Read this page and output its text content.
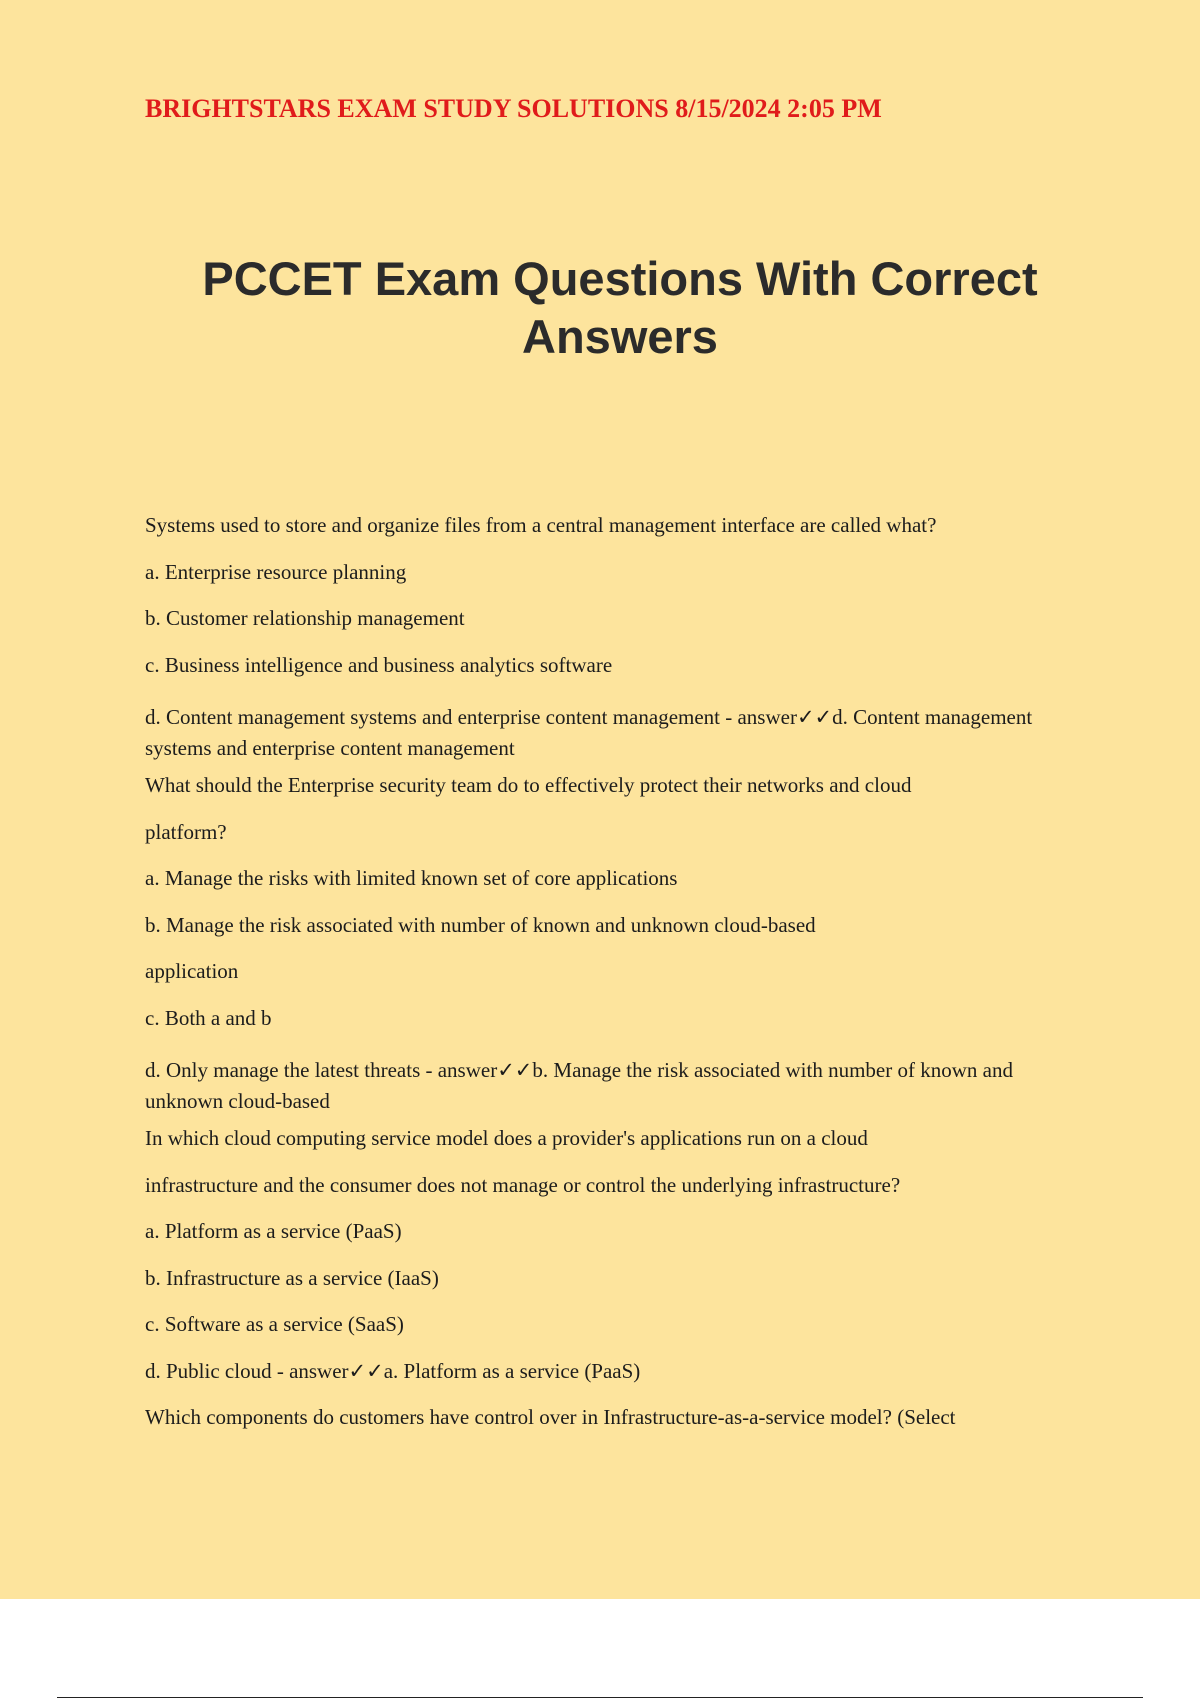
BRIGHTSTARS EXAM STUDY SOLUTIONS 8/15/2024 2:05 PM

PCCET Exam Questions With Correct Answers

Systems used to store and organize files from a central management interface are called what?

a. Enterprise resource planning

b. Customer relationship management

c. Business intelligence and business analytics software

d. Content management systems and enterprise content management - answer✓✓d. Content management systems and enterprise content management

What should the Enterprise security team do to effectively protect their networks and cloud

platform?

a. Manage the risks with limited known set of core applications

b. Manage the risk associated with number of known and unknown cloud-based

application

c. Both a and b

d. Only manage the latest threats - answer✓✓b. Manage the risk associated with number of known and unknown cloud-based

In which cloud computing service model does a provider's applications run on a cloud

infrastructure and the consumer does not manage or control the underlying infrastructure?

a. Platform as a service (PaaS)

b. Infrastructure as a service (IaaS)

c. Software as a service (SaaS)

d. Public cloud - answer✓✓a. Platform as a service (PaaS)

Which components do customers have control over in Infrastructure-as-a-service model? (Select
